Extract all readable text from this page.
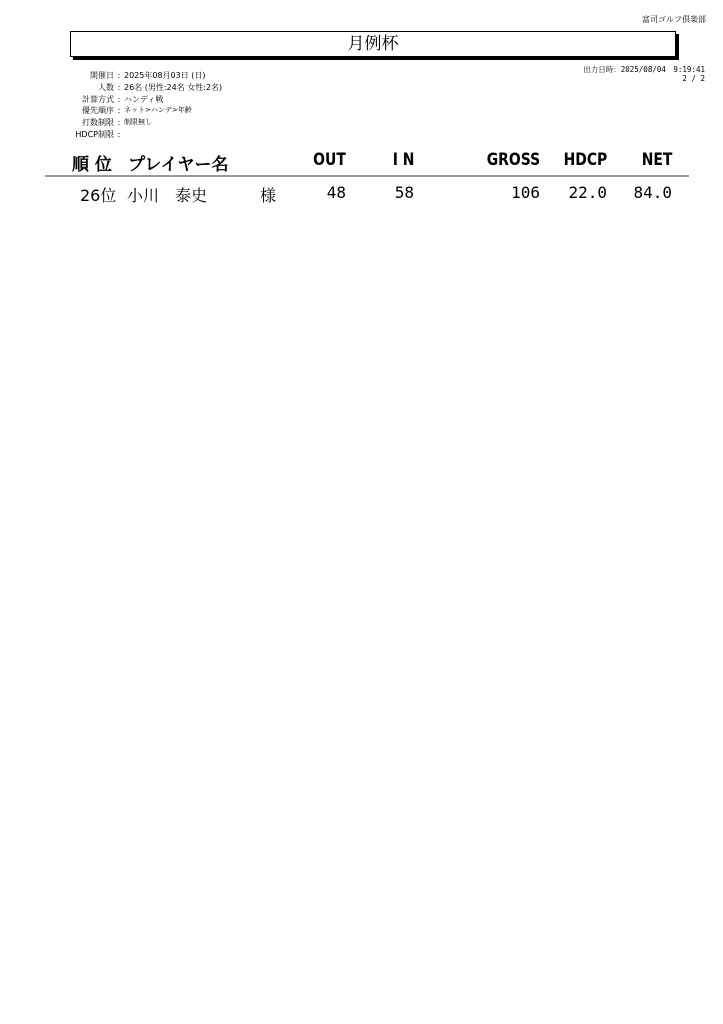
富司ゴルフ倶楽部
月例杯
出力日時：2025/08/04　9:19:41
2 / 2
開催日 : 2025年08月03日 (日)
人数 : 26名 (男性:24名 女性:2名)
計算方式 : ハンディ戦
優先順序 : ネット>ハンデ>年齢
打数制限 : 制限無し
HDCP制限 :
順 位 プレイヤー名	OUT	I N	GROSS HDCP NET
26位 小川　泰史	様	48	58	106 22.0 84.0
